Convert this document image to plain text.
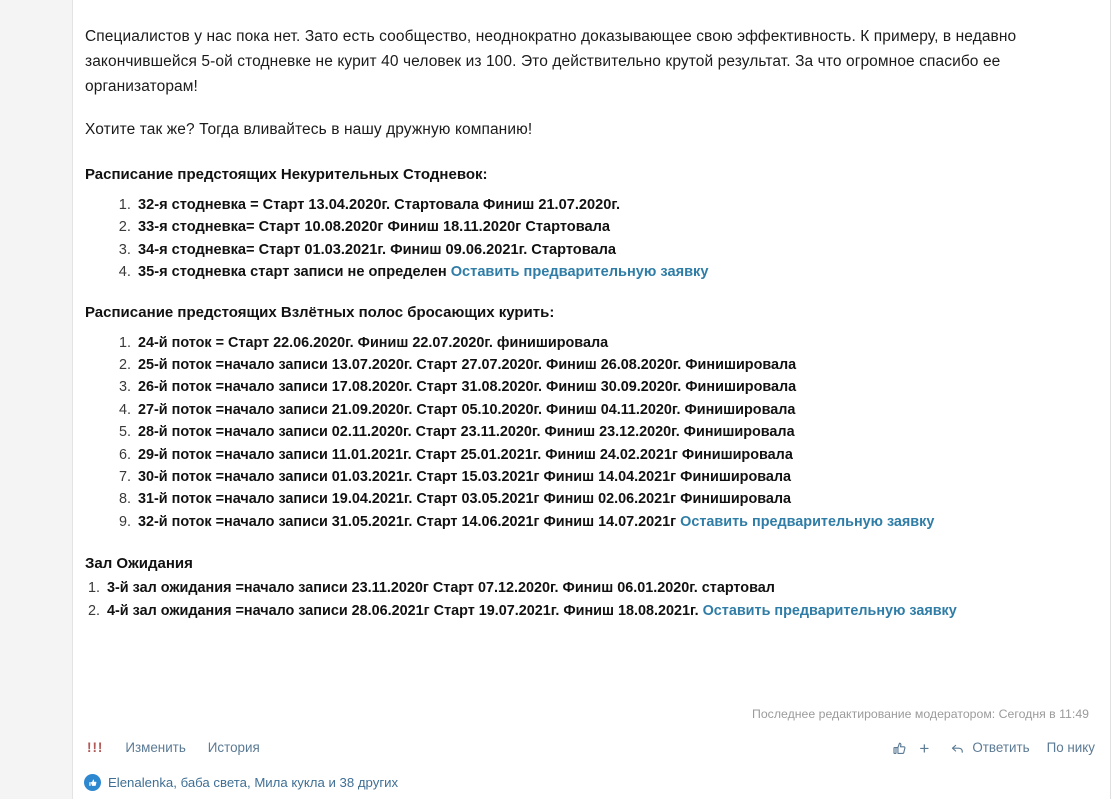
Специалистов у нас пока нет. Зато есть сообщество, неоднократно доказывающее свою эффективность. К примеру, в недавно закончившейся 5-ой стодневке не курит 40 человек из 100. Это действительно крутой результат. За что огромное спасибо ее организаторам!

Хотите так же? Тогда вливайтесь в нашу дружную компанию!

Расписание предстоящих Некурительных Стодневок:
1. 32-я стодневка = Старт 13.04.2020г. Стартовала Финиш 21.07.2020г.
2. 33-я стодневка= Старт 10.08.2020г Финиш 18.11.2020г Стартовала
3. 34-я стодневка= Старт 01.03.2021г. Финиш 09.06.2021г. Стартовала
4. 35-я стодневка старт записи не определен Оставить предварительную заявку
Расписание предстоящих Взлётных полос бросающих курить:
1. 24-й поток = Старт 22.06.2020г. Финиш 22.07.2020г. финишировала
2. 25-й поток =начало записи 13.07.2020г. Старт 27.07.2020г. Финиш 26.08.2020г. Финишировала
3. 26-й поток =начало записи 17.08.2020г. Старт 31.08.2020г. Финиш 30.09.2020г. Финишировала
4. 27-й поток =начало записи 21.09.2020г. Старт 05.10.2020г. Финиш 04.11.2020г. Финишировала
5. 28-й поток =начало записи 02.11.2020г. Старт 23.11.2020г. Финиш 23.12.2020г. Финишировала
6. 29-й поток =начало записи 11.01.2021г. Старт 25.01.2021г. Финиш 24.02.2021г Финишировала
7. 30-й поток =начало записи 01.03.2021г. Старт 15.03.2021г Финиш 14.04.2021г Финишировала
8. 31-й поток =начало записи 19.04.2021г. Старт 03.05.2021г Финиш 02.06.2021г Финишировала
9. 32-й поток =начало записи 31.05.2021г. Старт 14.06.2021г Финиш 14.07.2021г Оставить предварительную заявку
Зал Ожидания
1. 3-й зал ожидания =начало записи 23.11.2020г Старт 07.12.2020г. Финиш 06.01.2020г. стартовал
2. 4-й зал ожидания =начало записи 28.06.2021г Старт 19.07.2021г. Финиш 18.08.2021г. Оставить предварительную заявку
Последнее редактирование модератором: Сегодня в 11:49
!!!	Изменить	История	+	Ответить	По нику
Elenalenka, баба света, Мила кукла и 38 других
